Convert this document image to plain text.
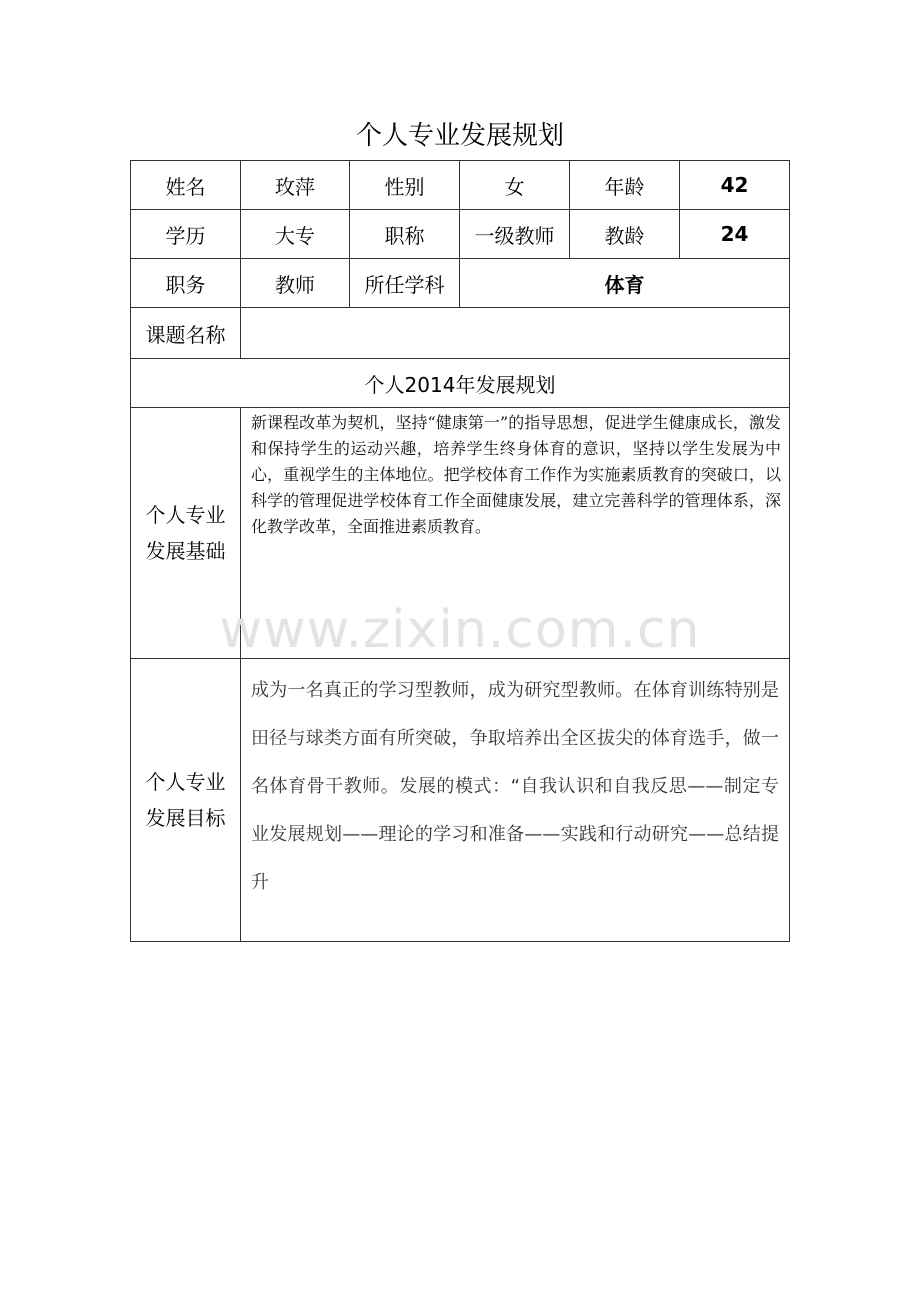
个人专业发展规划
姓名	玫萍	性别	女	年龄	42
学历	大专	职称	一级教师	教龄	24
职务	教师	所任学科	体育		
课题名称					
个人2014年发展规划					

个人专业
发展基础	新课程改革为契机，坚持“健康第一”的指导思想，促进学生健康成长，激发和保持学生的运动兴趣，培养学生终身体育的意识，坚持以学生发展为中心，重视学生的主体地位。把学校体育工作作为实施素质教育的突破口，以科学的管理促进学校体育工作全面健康发展，建立完善科学的管理体系，深化教学改革，全面推进素质教育。				

个人专业
发展目标	成为一名真正的学习型教师，成为研究型教师。在体育训练特别是田径与球类方面有所突破，争取培养出全区拔尖的体育选手，做一名体育骨干教师。发展的模式：“自我认识和自我反思——制定专业发展规划——理论的学习和准备——实践和行动研究——总结提升				
www.zixin.com.cn
